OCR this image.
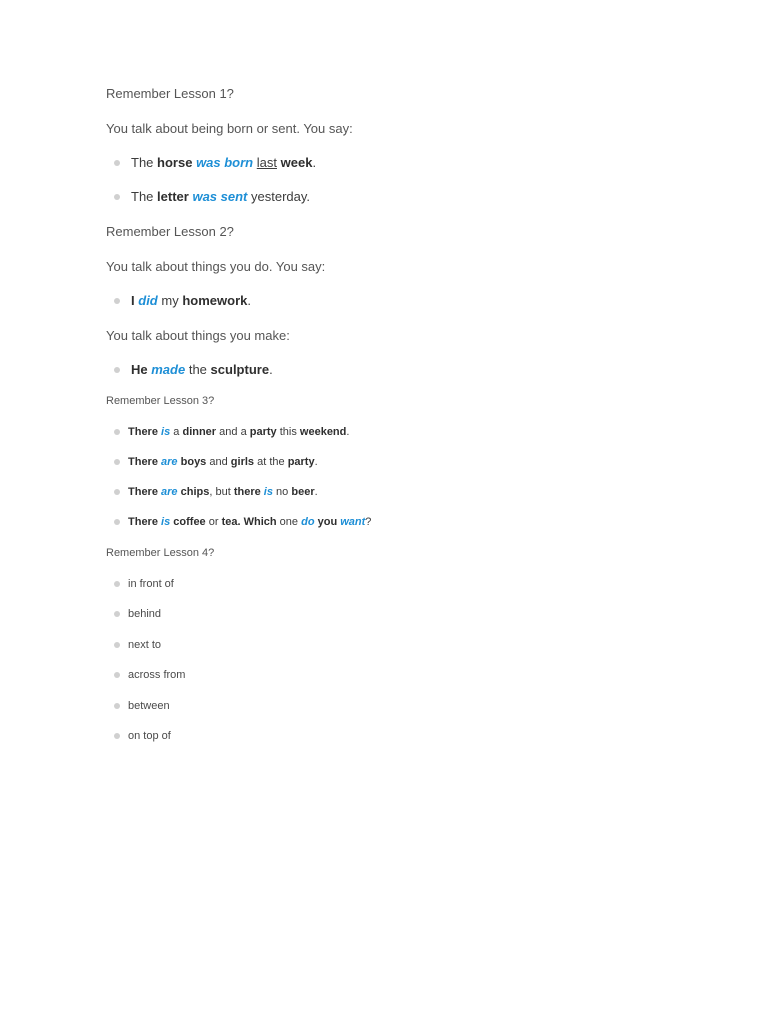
Remember Lesson 1?
You talk about being born or sent. You say:
The horse was born last week.
The letter was sent yesterday.
Remember Lesson 2?
You talk about things you do. You say:
I did my homework.
You talk about things you make:
He made the sculpture.
Remember Lesson 3?
There is a dinner and a party this weekend.
There are boys and girls at the party.
There are chips, but there is no beer.
There is coffee or tea. Which one do you want?
Remember Lesson 4?
in front of
behind
next to
across from
between
on top of
